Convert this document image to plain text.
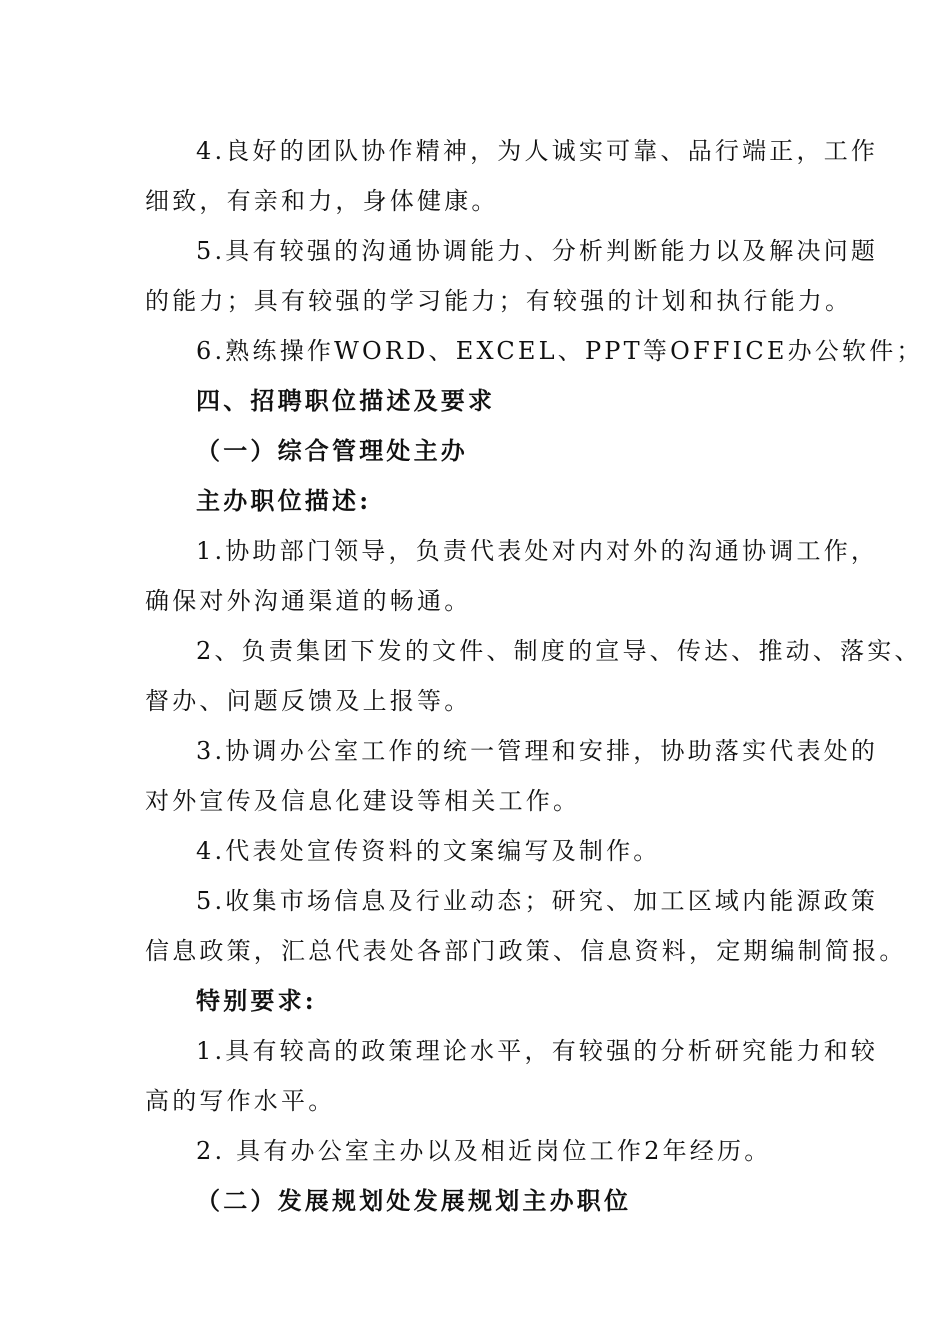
4.良好的团队协作精神，为人诚实可靠、品行端正，工作
细致，有亲和力，身体健康。
5.具有较强的沟通协调能力、分析判断能力以及解决问题
的能力；具有较强的学习能力；有较强的计划和执行能力。
6.熟练操作WORD、EXCEL、PPT等OFFICE办公软件；
四、招聘职位描述及要求
（一）综合管理处主办
主办职位描述:
1.协助部门领导，负责代表处对内对外的沟通协调工作，
确保对外沟通渠道的畅通。
2、负责集团下发的文件、制度的宣导、传达、推动、落实、
督办、问题反馈及上报等。
3.协调办公室工作的统一管理和安排，协助落实代表处的
对外宣传及信息化建设等相关工作。
4.代表处宣传资料的文案编写及制作。
5.收集市场信息及行业动态；研究、加工区域内能源政策
信息政策，汇总代表处各部门政策、信息资料，定期编制简报。
特别要求:
1.具有较高的政策理论水平，有较强的分析研究能力和较
高的写作水平。
2. 具有办公室主办以及相近岗位工作2年经历。
（二）发展规划处发展规划主办职位
